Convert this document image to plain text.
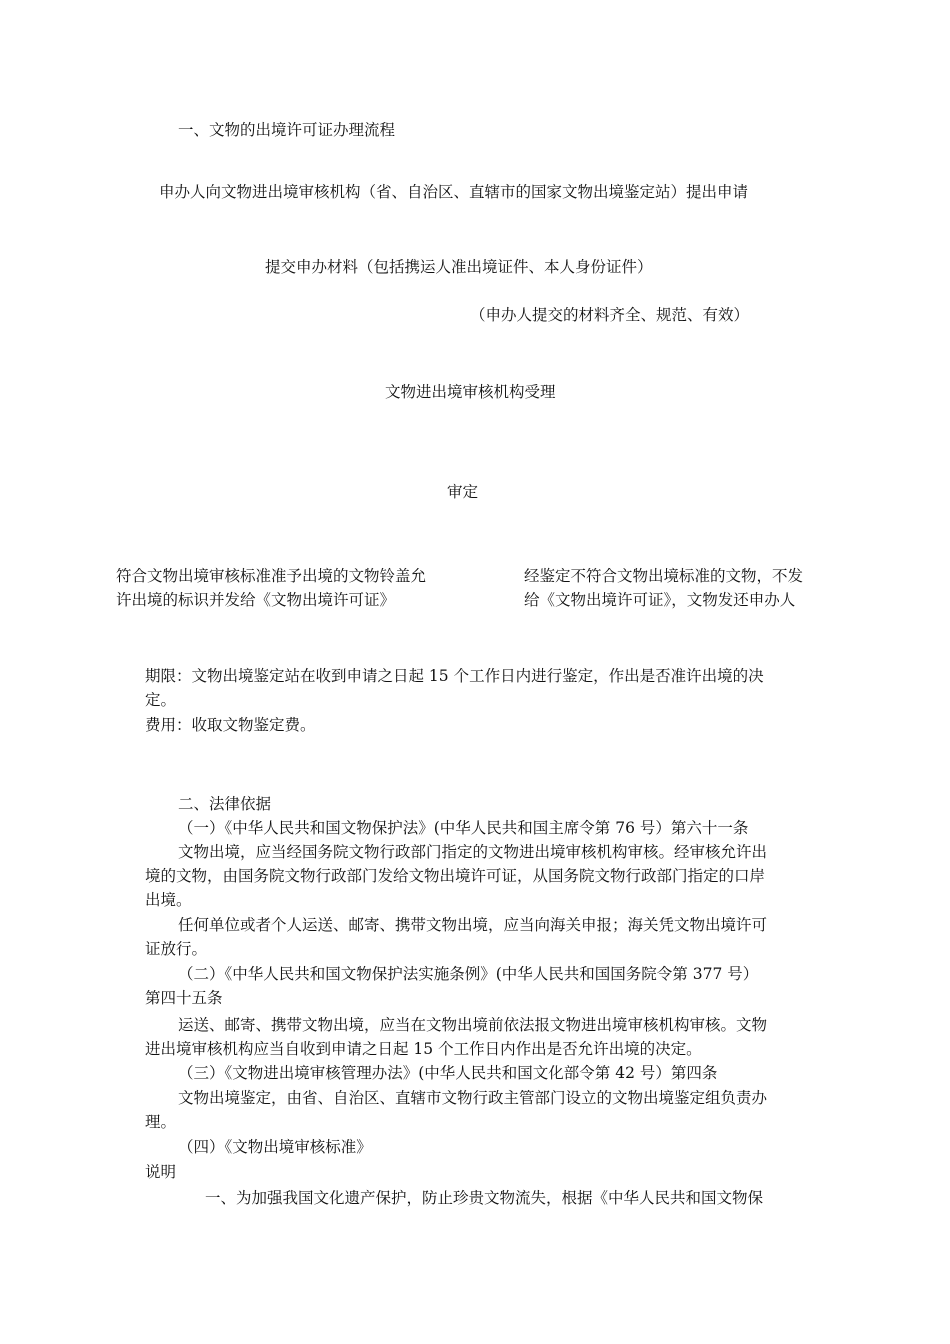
一、文物的出境许可证办理流程
申办人向文物进出境审核机构（省、自治区、直辖市的国家文物出境鉴定站）提出申请
提交申办材料（包括携运人准出境证件、本人身份证件）
（申办人提交的材料齐全、规范、有效）
文物进出境审核机构受理
审定
符合文物出境审核标准准予出境的文物铃盖允许出境的标识并发给《文物出境许可证》
经鉴定不符合文物出境标准的文物，不发给《文物出境许可证》，文物发还申办人
期限：文物出境鉴定站在收到申请之日起 15 个工作日内进行鉴定，作出是否准许出境的决
定。
费用：收取文物鉴定费。
二、法律依据
（一）《中华人民共和国文物保护法》(中华人民共和国主席令第 76 号）第六十一条
文物出境，应当经国务院文物行政部门指定的文物进出境审核机构审核。经审核允许出
境的文物，由国务院文物行政部门发给文物出境许可证，从国务院文物行政部门指定的口岸
出境。
任何单位或者个人运送、邮寄、携带文物出境，应当向海关申报；海关凭文物出境许可
证放行。
（二）《中华人民共和国文物保护法实施条例》(中华人民共和国国务院令第 377 号）
第四十五条
运送、邮寄、携带文物出境，应当在文物出境前依法报文物进出境审核机构审核。文物
进出境审核机构应当自收到申请之日起 15 个工作日内作出是否允许出境的决定。
（三）《文物进出境审核管理办法》(中华人民共和国文化部令第 42 号）第四条
文物出境鉴定，由省、自治区、直辖市文物行政主管部门设立的文物出境鉴定组负责办
理。
（四）《文物出境审核标准》
说明
一、为加强我国文化遗产保护，防止珍贵文物流失，根据《中华人民共和国文物保
